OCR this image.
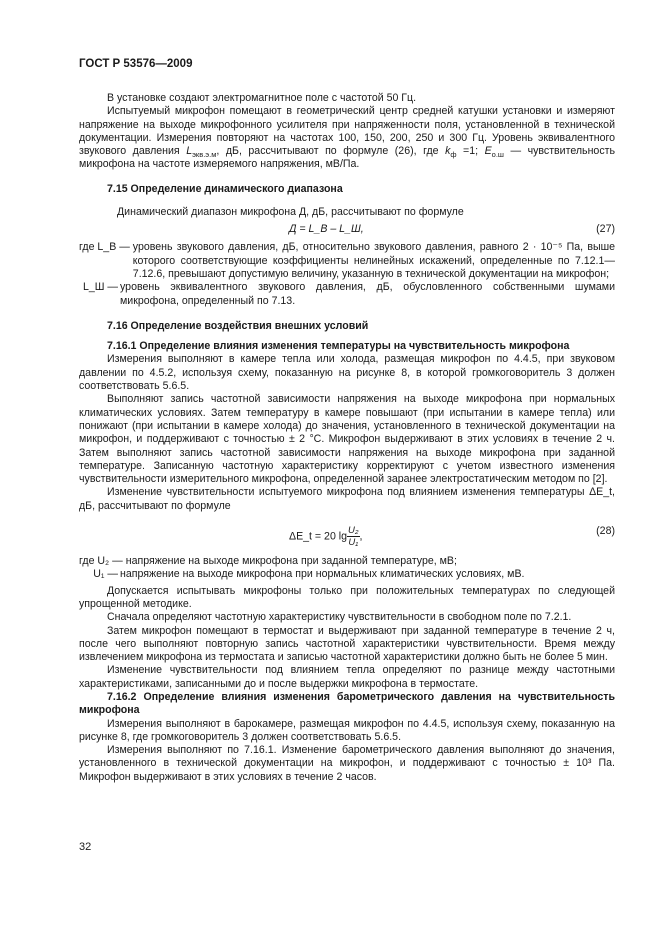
ГОСТ Р 53576—2009

В установке создают электромагнитное поле с частотой 50 Гц.

Испытуемый микрофон помещают в геометрический центр средней катушки установки и измеряют напряжение на выходе микрофонного усилителя при напряженности поля, установленной в технической документации. Измерения повторяют на частотах 100, 150, 200, 250 и 300 Гц. Уровень эквивалентного звукового давления $L_{экв.э.м}$, дБ, рассчитывают по формуле (26), где $k_ф =1$; $E_{о.ш}$ — чувствительность микрофона на частоте измеряемого напряжения, мВ/Па.

7.15 Определение динамического диапазона

Динамический диапазон микрофона Д, дБ, рассчитывают по формуле

Д = L_В – L_Ш,	(27)
где L_В — уровень звукового давления, дБ, относительно звукового давления, равного 2 · 10⁻⁵ Па, выше которого соответствующие коэффициенты нелинейных искажений, определенные по 7.12.1—7.12.6, превышают допустимую величину, указанную в технической документации на микрофон;
L_Ш — уровень эквивалентного звукового давления, дБ, обусловленного собственными шумами микрофона, определенный по 7.13.

7.16 Определение воздействия внешних условий

7.16.1 Определение влияния изменения температуры на чувствительность микрофона

Измерения выполняют в камере тепла или холода, размещая микрофон по 4.4.5, при звуковом давлении по 4.5.2, используя схему, показанную на рисунке 8, в которой громкоговоритель 3 должен соответствовать 5.6.5.

Выполняют запись частотной зависимости напряжения на выходе микрофона при нормальных климатических условиях. Затем температуру в камере повышают (при испытании в камере тепла) или понижают (при испытании в камере холода) до значения, установленного в технической документации на микрофон, и поддерживают с точностью ± 2 °С. Микрофон выдерживают в этих условиях в течение 2 ч. Затем выполняют запись частотной зависимости напряжения на выходе микрофона при заданной температуре. Записанную частотную характеристику корректируют с учетом известного изменения чувствительности измерительного микрофона, определенной заранее электростатическим методом по [2].

Изменение чувствительности испытуемого микрофона под влиянием изменения температуры ΔE_t, дБ, рассчитывают по формуле

ΔE_t = 20 $\lg \frac{\text{U₂}}{\text{U₁}}$ ,	(28)
где U₂ — напряжение на выходе микрофона при заданной температуре, мВ;
U₁ — напряжение на выходе микрофона при нормальных климатических условиях, мВ.

Допускается испытывать микрофоны только при положительных температурах по следующей упрощенной методике.

Сначала определяют частотную характеристику чувствительности в свободном поле по 7.2.1.

Затем микрофон помещают в термостат и выдерживают при заданной температуре в течение 2 ч, после чего выполняют повторную запись частотной характеристики чувствительности. Время между извлечением микрофона из термостата и записью частотной характеристики должно быть не более 5 мин.

Изменение чувствительности под влиянием тепла определяют по разнице между частотными характеристиками, записанными до и после выдержки микрофона в термостате.

7.16.2 Определение влияния изменения барометрического давления на чувствительность микрофона

Измерения выполняют в барокамере, размещая микрофон по 4.4.5, используя схему, показанную на рисунке 8, где громкоговоритель 3 должен соответствовать 5.6.5.

Измерения выполняют по 7.16.1. Изменение барометрического давления выполняют до значения, установленного в технической документации на микрофон, и поддерживают с точностью ± 10³ Па. Микрофон выдерживают в этих условиях в течение 2 часов.

32
